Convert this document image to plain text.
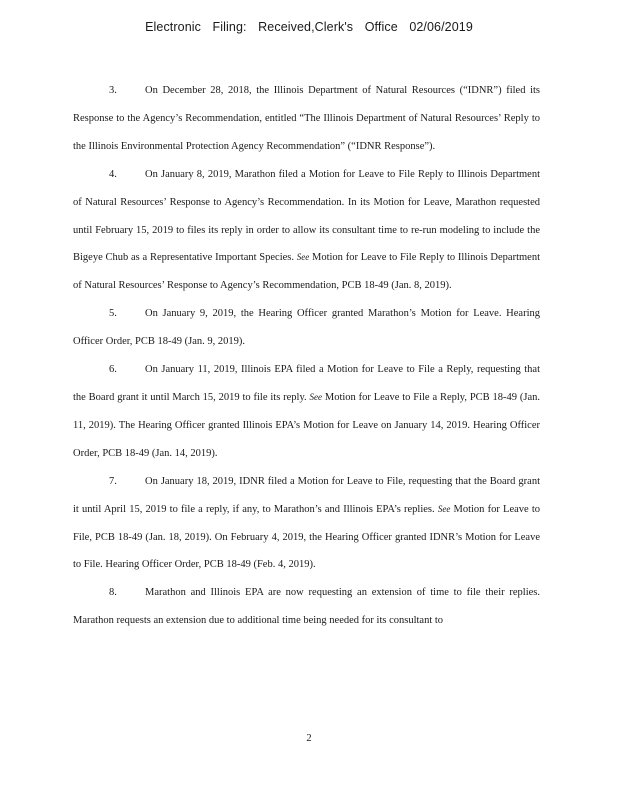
Electronic Filing: Received,Clerk's Office 02/06/2019

3.	On December 28, 2018, the Illinois Department of Natural Resources (“IDNR”) filed its Response to the Agency’s Recommendation, entitled “The Illinois Department of Natural Resources’ Reply to the Illinois Environmental Protection Agency Recommendation” (“IDNR Response”).

4.	On January 8, 2019, Marathon filed a Motion for Leave to File Reply to Illinois Department of Natural Resources’ Response to Agency’s Recommendation. In its Motion for Leave, Marathon requested until February 15, 2019 to files its reply in order to allow its consultant time to re-run modeling to include the Bigeye Chub as a Representative Important Species. See Motion for Leave to File Reply to Illinois Department of Natural Resources’ Response to Agency’s Recommendation, PCB 18-49 (Jan. 8, 2019).

5.	On January 9, 2019, the Hearing Officer granted Marathon’s Motion for Leave. Hearing Officer Order, PCB 18-49 (Jan. 9, 2019).

6.	On January 11, 2019, Illinois EPA filed a Motion for Leave to File a Reply, requesting that the Board grant it until March 15, 2019 to file its reply. See Motion for Leave to File a Reply, PCB 18-49 (Jan. 11, 2019). The Hearing Officer granted Illinois EPA’s Motion for Leave on January 14, 2019. Hearing Officer Order, PCB 18-49 (Jan. 14, 2019).

7.	On January 18, 2019, IDNR filed a Motion for Leave to File, requesting that the Board grant it until April 15, 2019 to file a reply, if any, to Marathon’s and Illinois EPA’s replies. See Motion for Leave to File, PCB 18-49 (Jan. 18, 2019). On February 4, 2019, the Hearing Officer granted IDNR’s Motion for Leave to File. Hearing Officer Order, PCB 18-49 (Feb. 4, 2019).

8.	Marathon and Illinois EPA are now requesting an extension of time to file their replies. Marathon requests an extension due to additional time being needed for its consultant to

2
